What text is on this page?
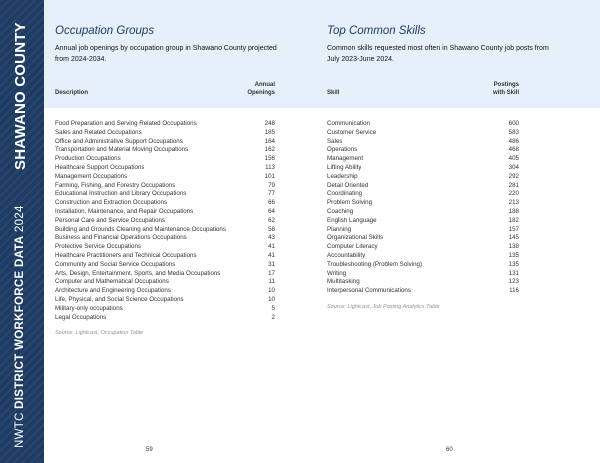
SHAWANO COUNTY
NWTC DISTRICT WORKFORCE DATA 2024
Occupation Groups
Annual job openings by occupation group in Shawano County projected from 2024-2034.
Description
Annual
Openings
Food Preparation and Serving Related Occupations	248
Sales and Related Occupations	185
Office and Administrative Support Occupations	164
Transportation and Material Moving Occupations	162
Production Occupations	156
Healthcare Support Occupations	113
Management Occupations	101
Farming, Fishing, and Forestry Occupations	79
Educational Instruction and Library Occupations	77
Construction and Extraction Occupations	66
Installation, Maintenance, and Repair Occupations	64
Personal Care and Service Occupations	62
Building and Grounds Cleaning and Maintenance Occupations	58
Business and Financial Operations Occupations	43
Protective Service Occupations	41
Healthcare Practitioners and Technical Occupations	41
Community and Social Service Occupations	31
Arts, Design, Entertainment, Sports, and Media Occupations	17
Computer and Mathematical Occupations	11
Architecture and Engineering Occupations	10
Life, Physical, and Social Science Occupations	10
Military-only occupations	5
Legal Occupations	2
Source: Lightcast, Occupation Table
Top Common Skills
Common skills requested most often in Shawano County job posts from July 2023-June 2024.
Skill
Postings
with Skill
Communication	600
Customer Service	583
Sales	486
Operations	468
Management	405
Lifting Ability	304
Leadership	292
Detail Oriented	281
Coordinating	220
Problem Solving	213
Coaching	188
English Language	182
Planning	157
Organizational Skills	145
Computer Literacy	138
Accountability	135
Troubleshooting (Problem Solving)	135
Writing	131
Multitasking	123
Interpersonal Communications	116
Source: Lightcast, Job Posting Analytics Table
59	60
